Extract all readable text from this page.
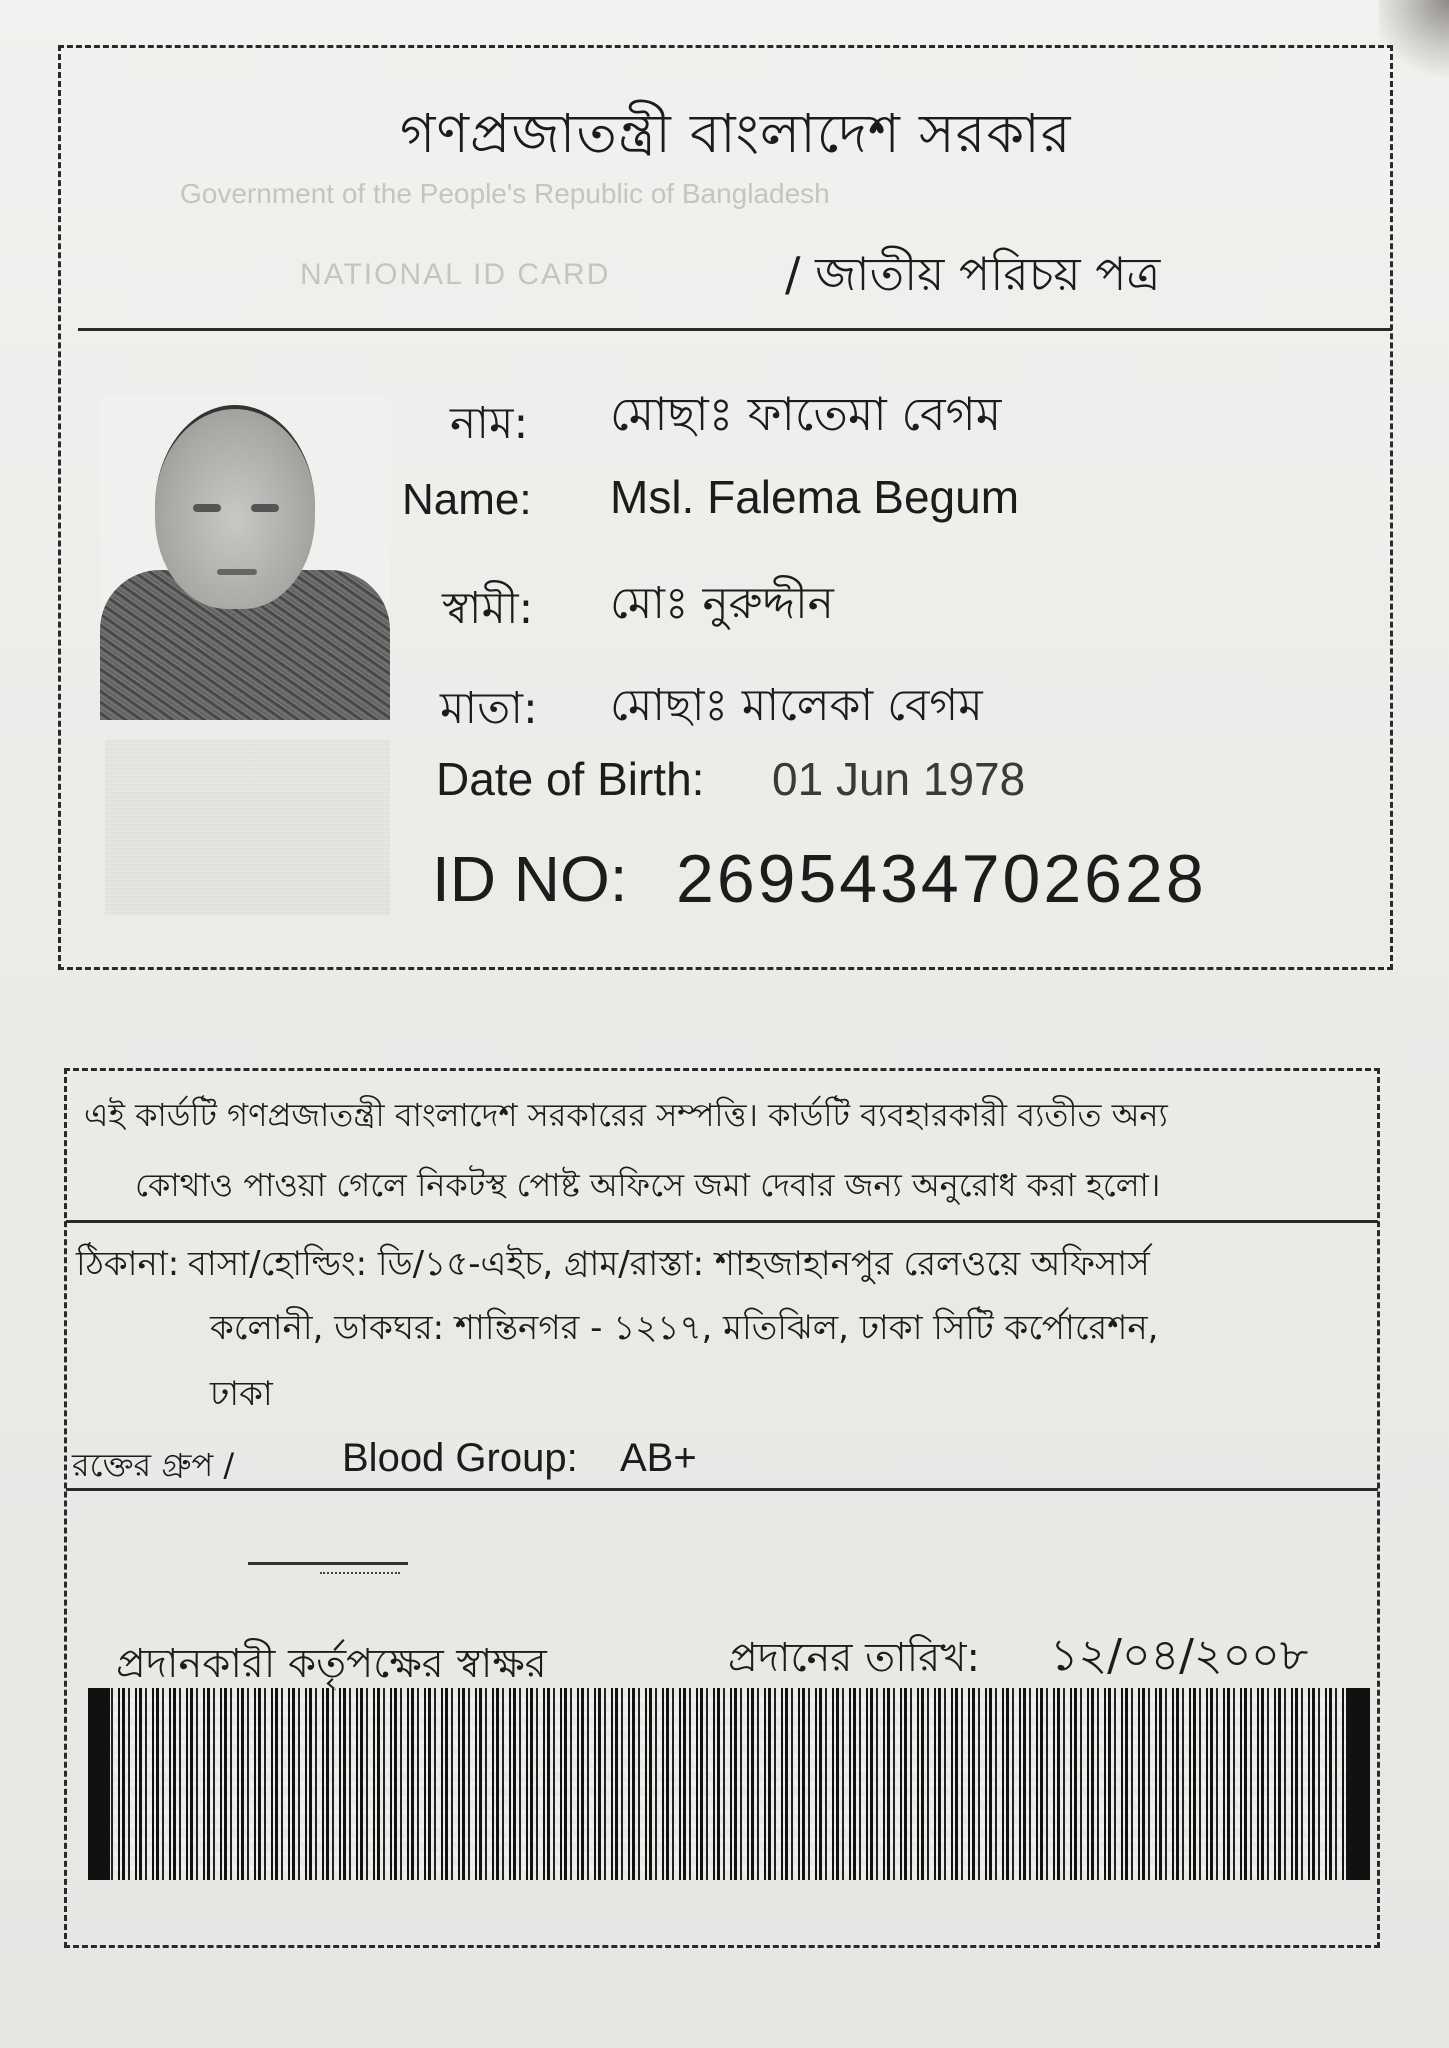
গণপ্রজাতন্ত্রী বাংলাদেশ সরকার
Government of the People's Republic of Bangladesh
NATIONAL ID CARD	/ জাতীয় পরিচয় পত্র
নাম: মোছাঃ ফাতেমা বেগম
Name: Msl. Falema Begum
স্বামী: মোঃ নুরুদ্দীন
মাতা: মোছাঃ মালেকা বেগম
Date of Birth: 01 Jun 1978
ID NO: 2695434702628
এই কার্ডটি গণপ্রজাতন্ত্রী বাংলাদেশ সরকারের সম্পত্তি। কার্ডটি ব্যবহারকারী ব্যতীত অন্য
কোথাও পাওয়া গেলে নিকটস্থ পোষ্ট অফিসে জমা দেবার জন্য অনুরোধ করা হলো।
ঠিকানা: বাসা/হোল্ডিং: ডি/১৫-এইচ, গ্রাম/রাস্তা: শাহজাহানপুর রেলওয়ে অফিসার্স
কলোনী, ডাকঘর: শান্তিনগর - ১২১৭, মতিঝিল, ঢাকা সিটি কর্পোরেশন,
ঢাকা
রক্তের গ্রুপ /	Blood Group: AB+
প্রদানকারী কর্তৃপক্ষের স্বাক্ষর	প্রদানের তারিখ: ১২/০৪/২০০৮
